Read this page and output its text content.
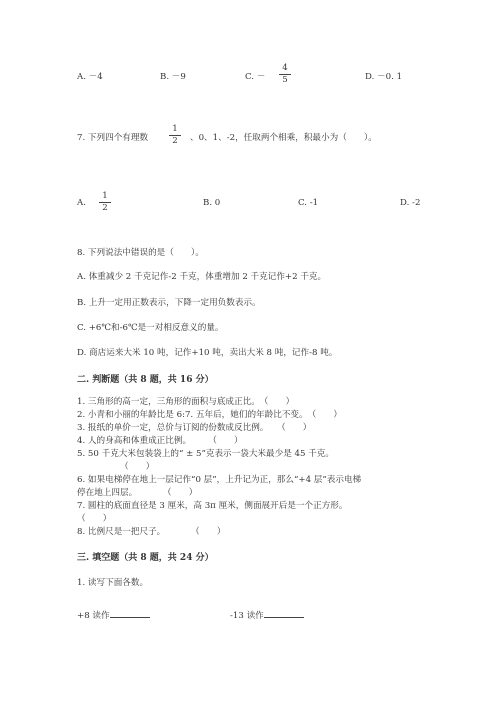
A. －4	B. －9	C. －
4
5	D. －0. 1
7. 下列四个有理数
1
2 、0、1、-2，任取两个相乘，积最小为（　　）。
A.
1
2	B. 0	C. -1	D. -2
8. 下列说法中错误的是（　　）。
A. 体重减少 2 千克记作-2 千克，体重增加 2 千克记作+2 千克。
B. 上升一定用正数表示，下降一定用负数表示。
C. +6℃和-6℃是一对相反意义的量。
D. 商店运来大米 10 吨，记作+10 吨，卖出大米 8 吨，记作-8 吨。
二. 判断题（共 8 题，共 16 分）
1. 三角形的高一定，三角形的面积与底成正比。　（　　）
2. 小青和小丽的年龄比是 6:7. 五年后，她们的年龄比不变。　（　　）
3. 报纸的单价一定，总价与订阅的份数成反比例。　　（　　）
4. 人的身高和体重成正比例。　　　（　　）
5. 50 千克大米包装袋上的“ ± 5”克表示一袋大米最少是 45 千克。
（　　）
6. 如果电梯停在地上一层记作“0 层”，上升记为正，那么“+4 层”表示电梯
停在地上四层。　　　　（　　）
7. 圆柱的底面直径是 3 厘米，高 3π 厘米，侧面展开后是一个正方形。
（　　）
8. 比例尺是一把尺子。　　　　（　　）
三. 填空题（共 8 题，共 24 分）
1. 读写下面各数。
+8 读作	-13 读作
